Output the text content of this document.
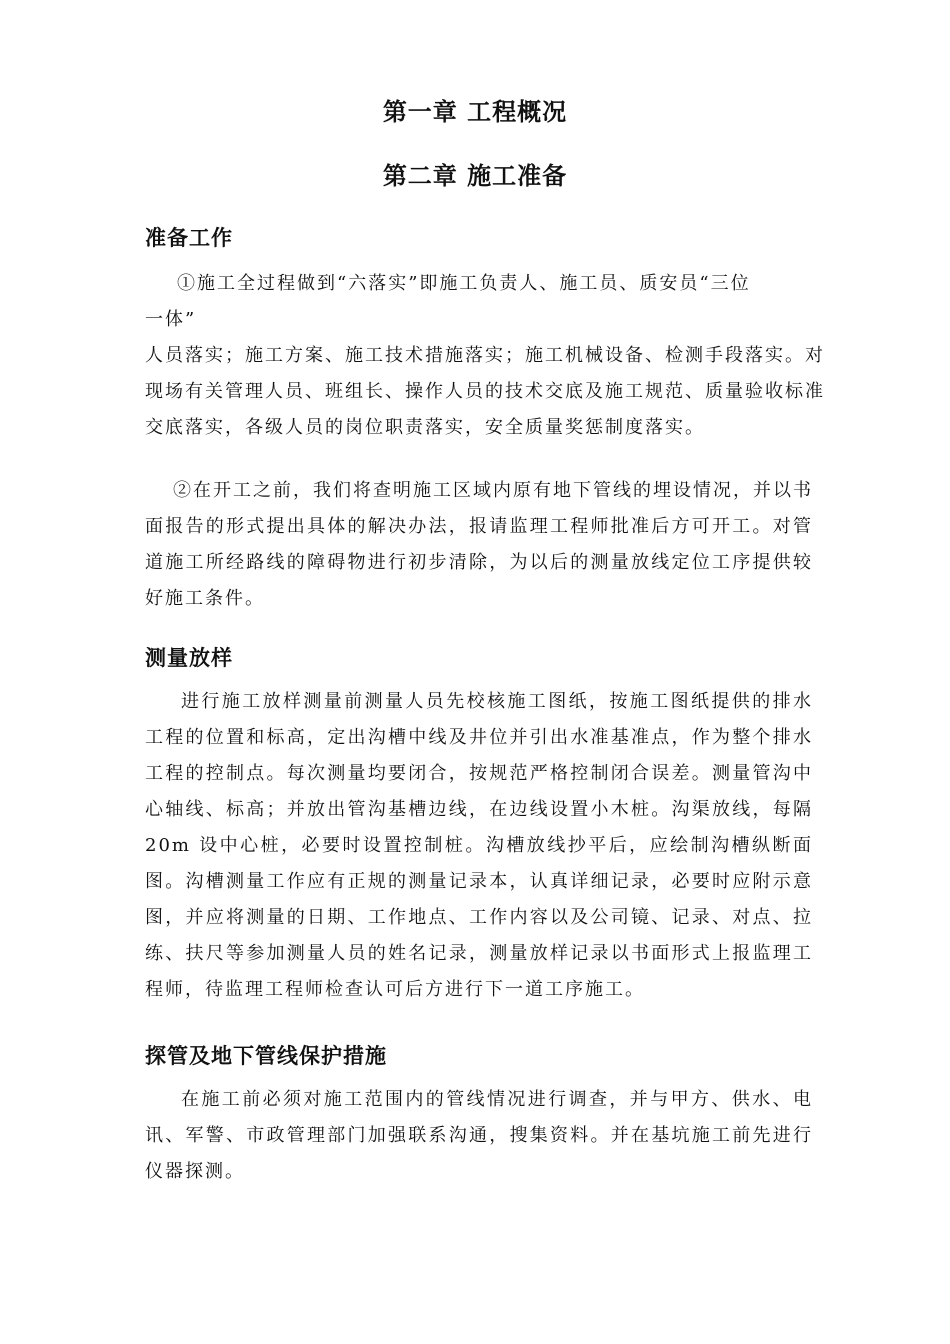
第一章 工程概况
第二章 施工准备
准备工作

①施工全过程做到“六落实”即施工负责人、施工员、质安员“三位
一体”

人员落实；施工方案、施工技术措施落实；施工机械设备、检测手段落实。对现场有关管理人员、班组长、操作人员的技术交底及施工规范、质量验收标准交底落实，各级人员的岗位职责落实，安全质量奖惩制度落实。

②在开工之前，我们将查明施工区域内原有地下管线的埋设情况，并以书面报告的形式提出具体的解决办法，报请监理工程师批准后方可开工。对管道施工所经路线的障碍物进行初步清除，为以后的测量放线定位工序提供较好施工条件。

测量放样

进行施工放样测量前测量人员先校核施工图纸，按施工图纸提供的排水工程的位置和标高，定出沟槽中线及井位并引出水准基准点，作为整个排水工程的控制点。每次测量均要闭合，按规范严格控制闭合误差。测量管沟中心轴线、标高；并放出管沟基槽边线，在边线设置小木桩。沟渠放线，每隔 20m 设中心桩，必要时设置控制桩。沟槽放线抄平后，应绘制沟槽纵断面图。沟槽测量工作应有正规的测量记录本，认真详细记录，必要时应附示意图，并应将测量的日期、工作地点、工作内容以及公司镜、记录、对点、拉练、扶尺等参加测量人员的姓名记录，测量放样记录以书面形式上报监理工程师，待监理工程师检查认可后方进行下一道工序施工。

探管及地下管线保护措施

在施工前必须对施工范围内的管线情况进行调查，并与甲方、供水、电讯、军警、市政管理部门加强联系沟通，搜集资料。并在基坑施工前先进行仪器探测。
